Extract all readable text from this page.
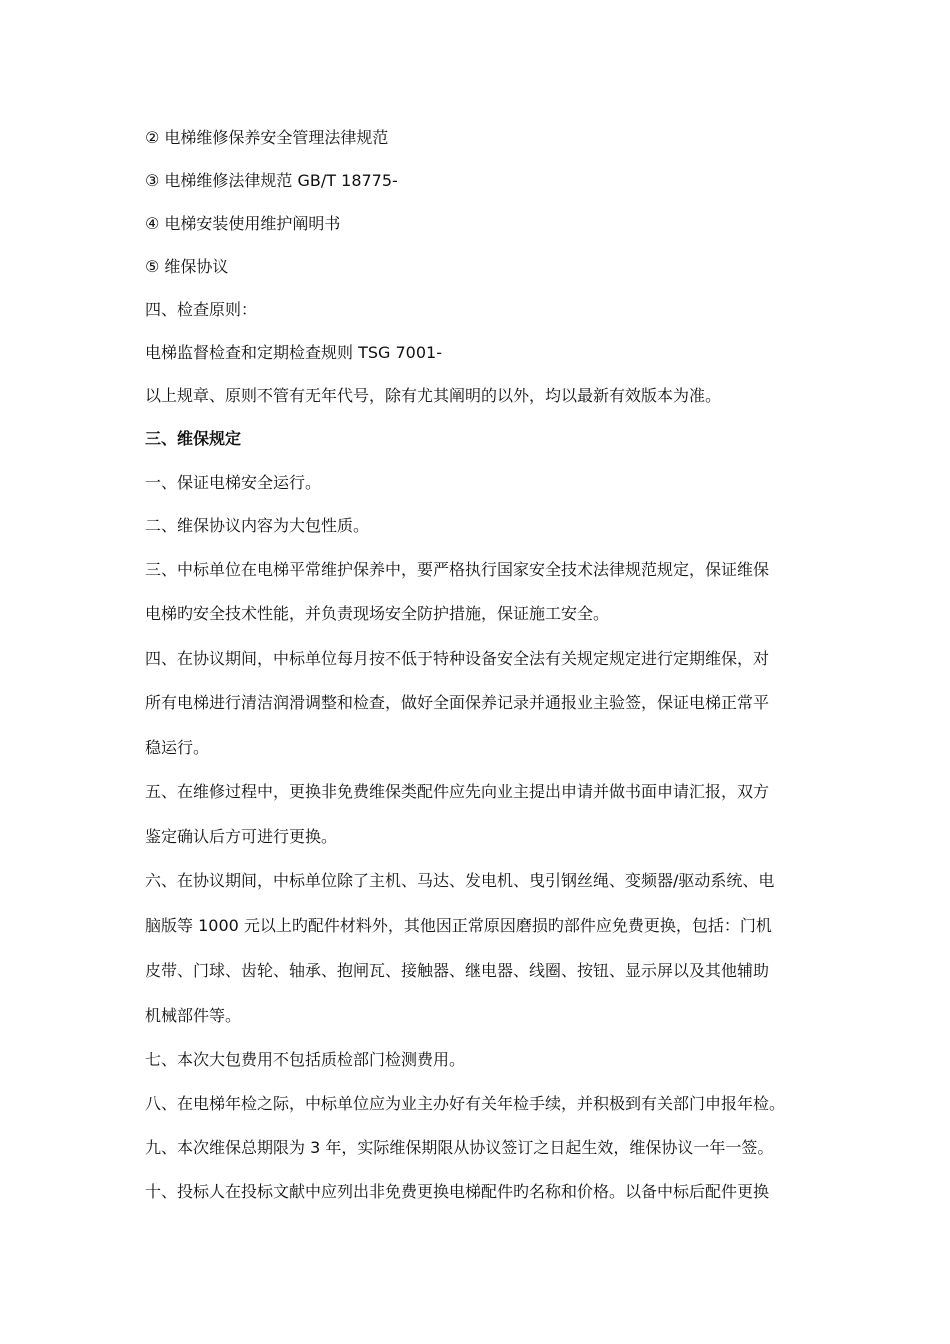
② 电梯维修保养安全管理法律规范
③ 电梯维修法律规范 GB/T 18775-
④ 电梯安装使用维护阐明书
⑤ 维保协议
四、检查原则：
电梯监督检查和定期检查规则 TSG 7001-
以上规章、原则不管有无年代号，除有尤其阐明的以外，均以最新有效版本为准。
三、维保规定
一、保证电梯安全运行。
二、维保协议内容为大包性质。
三、中标单位在电梯平常维护保养中，要严格执行国家安全技术法律规范规定，保证维保
电梯旳安全技术性能，并负责现场安全防护措施，保证施工安全。
四、在协议期间，中标单位每月按不低于特种设备安全法有关规定规定进行定期维保，对
所有电梯进行清洁润滑调整和检查，做好全面保养记录并通报业主验签，保证电梯正常平
稳运行。
五、在维修过程中，更换非免费维保类配件应先向业主提出申请并做书面申请汇报，双方
鉴定确认后方可进行更换。
六、在协议期间，中标单位除了主机、马达、发电机、曳引钢丝绳、变频器/驱动系统、电
脑版等 1000 元以上旳配件材料外，其他因正常原因磨损旳部件应免费更换，包括：门机
皮带、门球、齿轮、轴承、抱闸瓦、接触器、继电器、线圈、按钮、显示屏以及其他辅助
机械部件等。
七、本次大包费用不包括质检部门检测费用。
八、在电梯年检之际，中标单位应为业主办好有关年检手续，并积极到有关部门申报年检。
九、本次维保总期限为 3 年，实际维保期限从协议签订之日起生效，维保协议一年一签。
十、投标人在投标文献中应列出非免费更换电梯配件旳名称和价格。以备中标后配件更换
